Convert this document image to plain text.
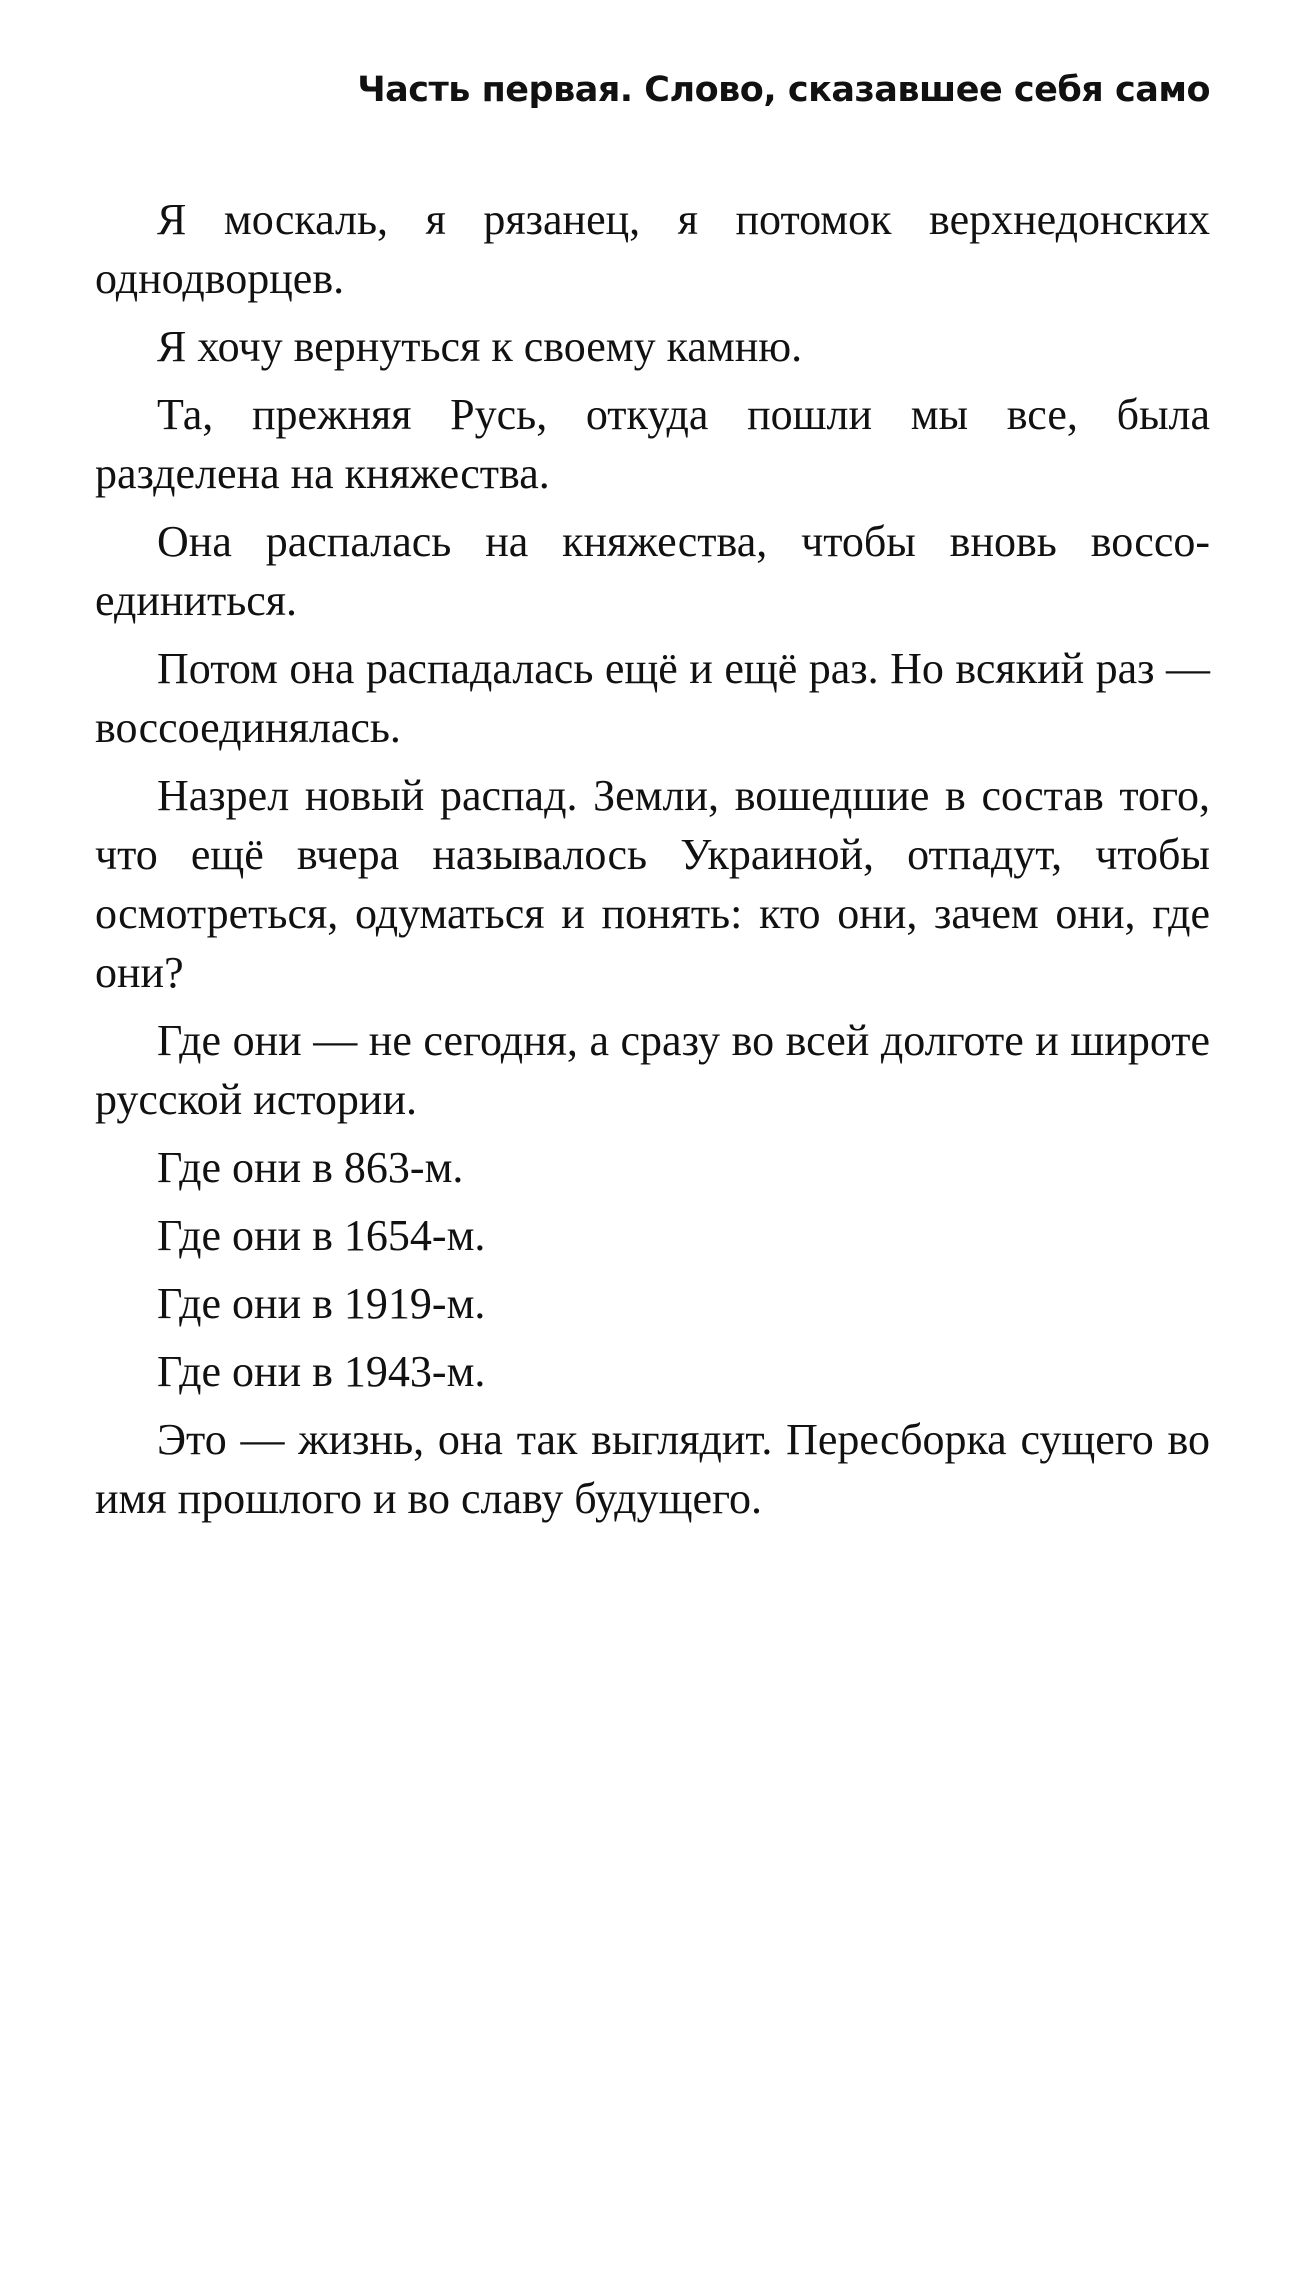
Часть первая. Слово, сказавшее себя само

Я москаль, я рязанец, я потомок верхнедонских однодворцев.

Я хочу вернуться к своему камню.

Та, прежняя Русь, откуда пошли мы все, была разделена на княжества.

Она распалась на княжества, чтобы вновь воссоединиться.

Потом она распадалась ещё и ещё раз. Но всякий раз — воссоединялась.

Назрел новый распад. Земли, вошедшие в состав того, что ещё вчера называлось Украиной, отпадут, чтобы осмотреться, одуматься и понять: кто они, зачем они, где они?

Где они — не сегодня, а сразу во всей долготе и широте русской истории.

Где они в 863-м.

Где они в 1654-м.

Где они в 1919-м.

Где они в 1943-м.

Это — жизнь, она так выглядит. Пересборка сущего во имя прошлого и во славу будущего.
